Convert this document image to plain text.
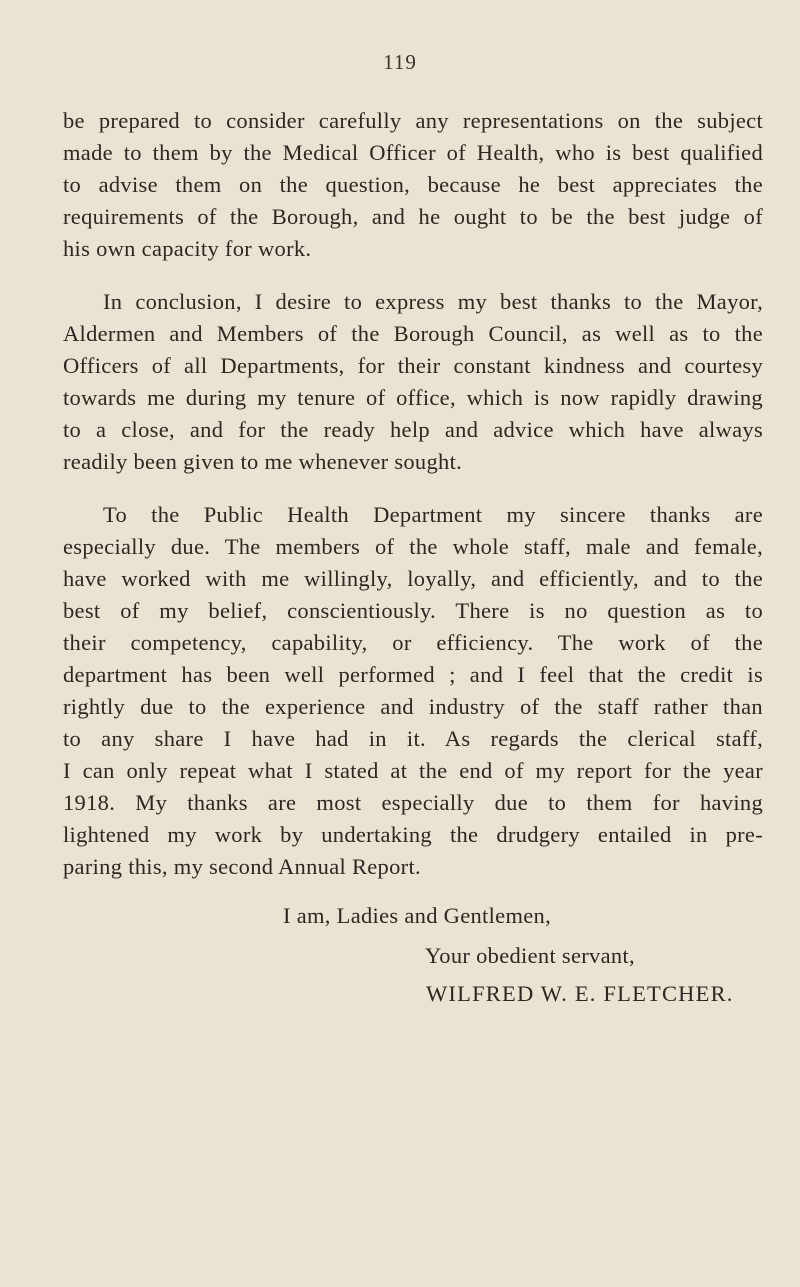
119
be prepared to consider carefully any representations on the subject
made to them by the Medical Officer of Health, who is best qualified
to advise them on the question, because he best appreciates the
requirements of the Borough, and he ought to be the best judge of
his own capacity for work.
In conclusion, I desire to express my best thanks to the Mayor,
Aldermen and Members of the Borough Council, as well as to the
Officers of all Departments, for their constant kindness and courtesy
towards me during my tenure of office, which is now rapidly drawing
to a close, and for the ready help and advice which have always
readily been given to me whenever sought.
To the Public Health Department my sincere thanks are
especially due. The members of the whole staff, male and female,
have worked with me willingly, loyally, and efficiently, and to the
best of my belief, conscientiously. There is no question as to
their competency, capability, or efficiency. The work of the
department has been well performed ; and I feel that the credit is
rightly due to the experience and industry of the staff rather than
to any share I have had in it. As regards the clerical staff,
I can only repeat what I stated at the end of my report for the year
1918. My thanks are most especially due to them for having
lightened my work by undertaking the drudgery entailed in pre-
paring this, my second Annual Report.
I am, Ladies and Gentlemen,
Your obedient servant,
WILFRED W. E. FLETCHER.
